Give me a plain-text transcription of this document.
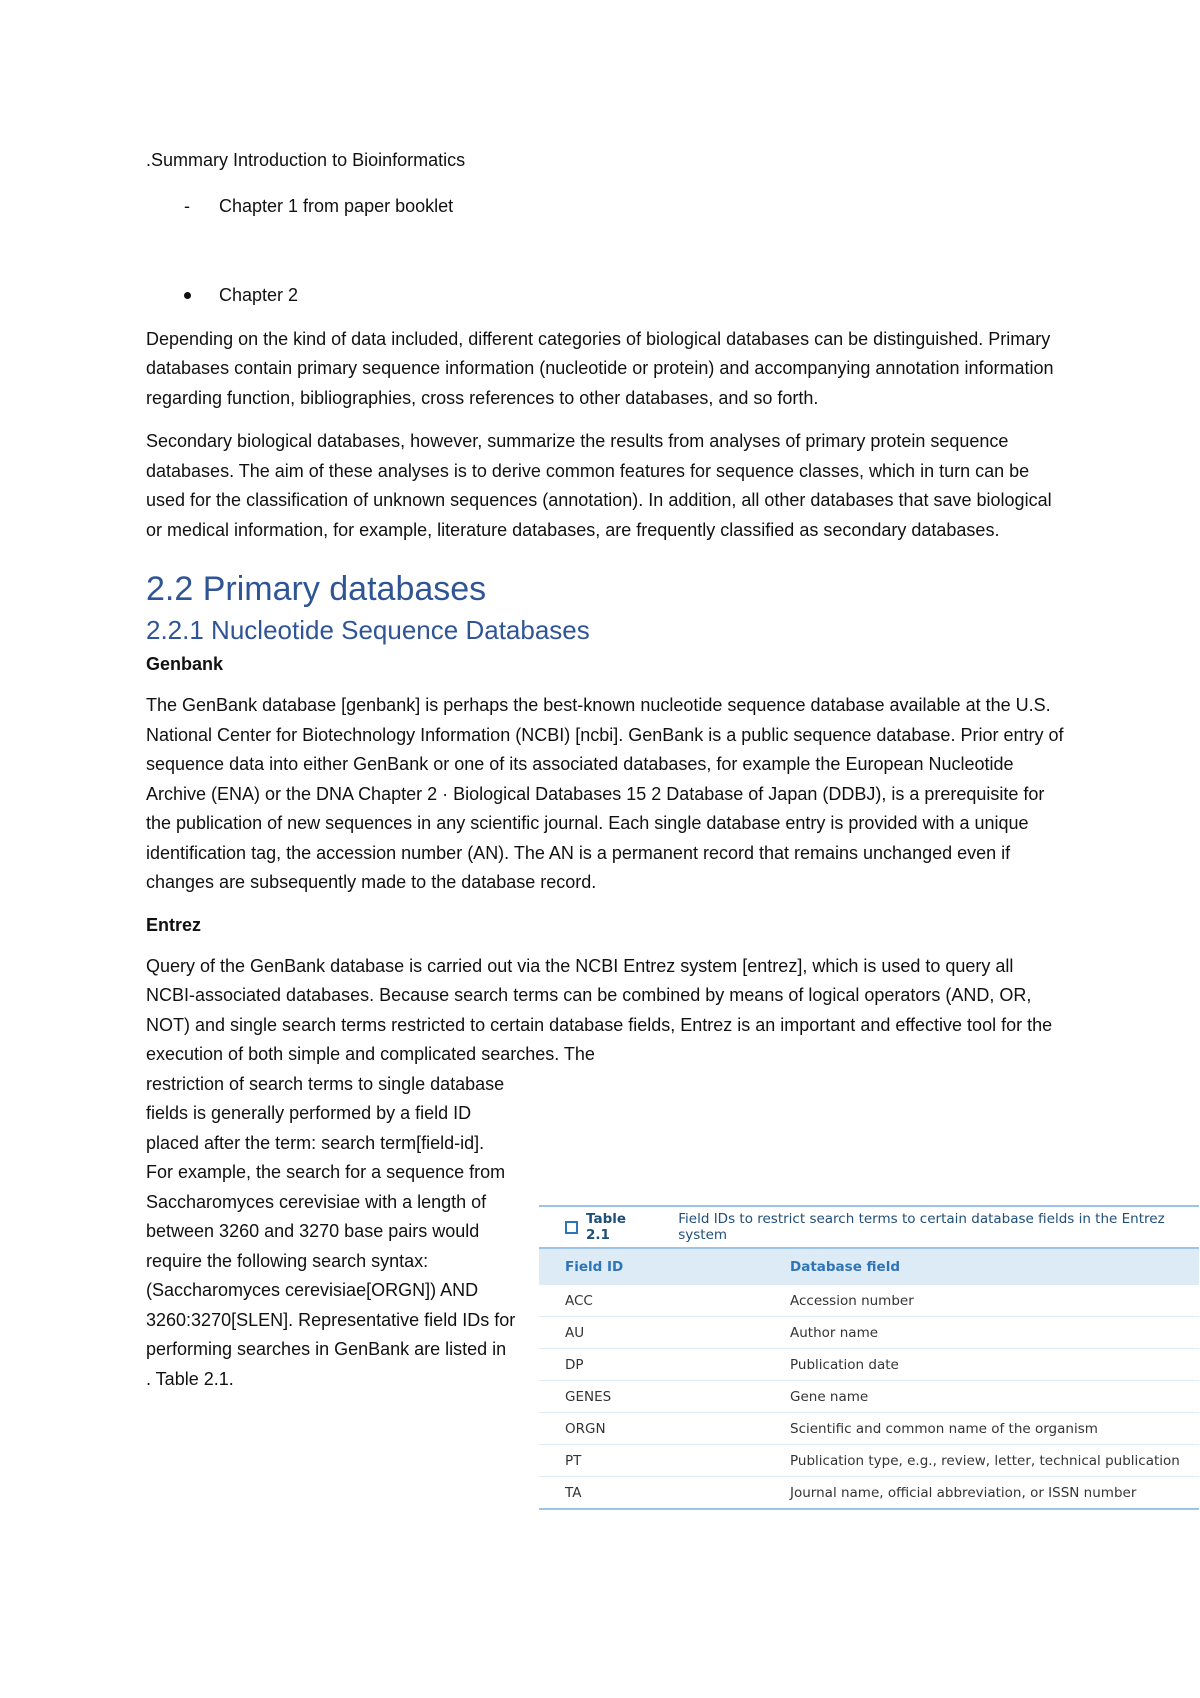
.Summary Introduction to Bioinformatics

- Chapter 1 from paper booklet

Chapter 2

Depending on the kind of data included, different categories of biological databases can be distinguished. Primary databases contain primary sequence information (nucleotide or protein) and accompanying annotation information regarding function, bibliographies, cross references to other databases, and so forth.

Secondary biological databases, however, summarize the results from analyses of primary protein sequence databases. The aim of these analyses is to derive common features for sequence classes, which in turn can be used for the classification of unknown sequences (annotation). In addition, all other databases that save biological or medical information, for example, literature databases, are frequently classified as secondary databases.

2.2 Primary databases
2.2.1 Nucleotide Sequence Databases
Genbank

The GenBank database [genbank] is perhaps the best-known nucleotide sequence database available at the U.S. National Center for Biotechnology Information (NCBI) [ncbi]. GenBank is a public sequence database. Prior entry of sequence data into either GenBank or one of its associated databases, for example the European Nucleotide Archive (ENA) or the DNA Chapter 2 · Biological Databases 15 2 Database of Japan (DDBJ), is a prerequisite for the publication of new sequences in any scientific journal. Each single database entry is provided with a unique identification tag, the accession number (AN). The AN is a permanent record that remains unchanged even if changes are subsequently made to the database record.

Entrez

Query of the GenBank database is carried out via the NCBI Entrez system [entrez], which is used to query all NCBI-associated databases. Because search terms can be combined by means of logical operators (AND, OR, NOT) and single search terms restricted to certain database fields, Entrez is an important and effective tool for the execution of both simple and complicated searches. The

restriction of search terms to single database fields is generally performed by a field ID placed after the term: search term[field-id]. For example, the search for a sequence from Saccharomyces cerevisiae with a length of between 3260 and 3270 base pairs would require the following search syntax: (Saccharomyces cerevisiae[ORGN]) AND 3260:3270[SLEN]. Representative field IDs for performing searches in GenBank are listed in . Table 2.1.

Table 2.1
Field IDs to restrict search terms to certain database fields in the Entrez system
Field ID	Database field
ACC	Accession number
AU	Author name
DP	Publication date
GENES	Gene name
ORGN	Scientific and common name of the organism
PT	Publication type, e.g., review, letter, technical publication
TA	Journal name, official abbreviation, or ISSN number
